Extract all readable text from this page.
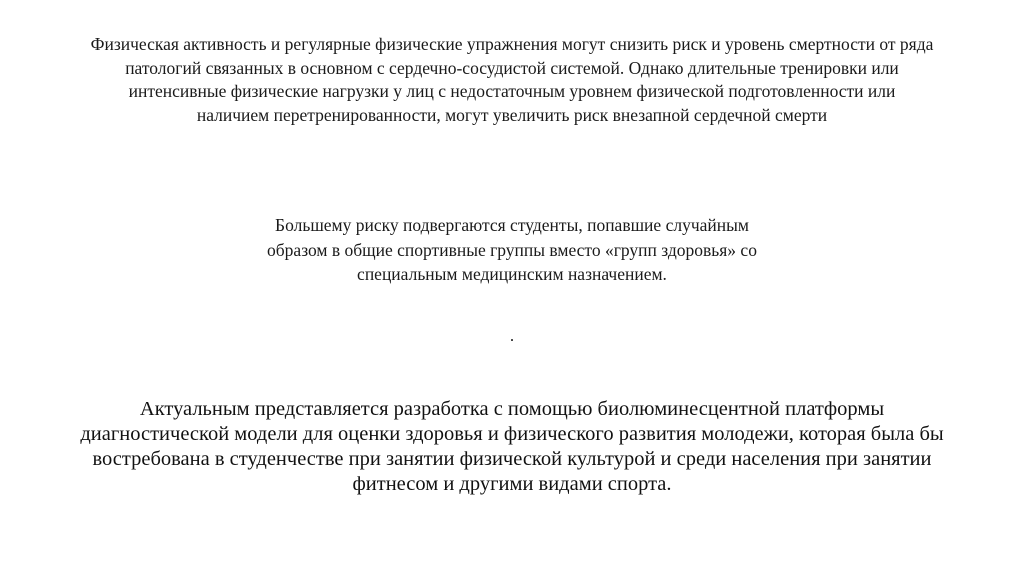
Физическая активность и регулярные физические упражнения могут снизить риск и уровень смертности от ряда
патологий связанных в основном с сердечно-сосудистой системой. Однако длительные тренировки или
интенсивные физические нагрузки у лиц с недостаточным уровнем физической подготовленности или
наличием перетренированности, могут увеличить риск внезапной сердечной смерти

Большему риску подвергаются студенты, попавшие случайным
образом в общие спортивные группы вместо «групп здоровья» со
специальным медицинским назначением.

.

Актуальным представляется разработка с помощью биолюминесцентной платформы
диагностической модели для оценки здоровья и физического развития молодежи, которая была бы
востребована в студенчестве при занятии физической культурой и среди населения при занятии
фитнесом и другими видами спорта.
